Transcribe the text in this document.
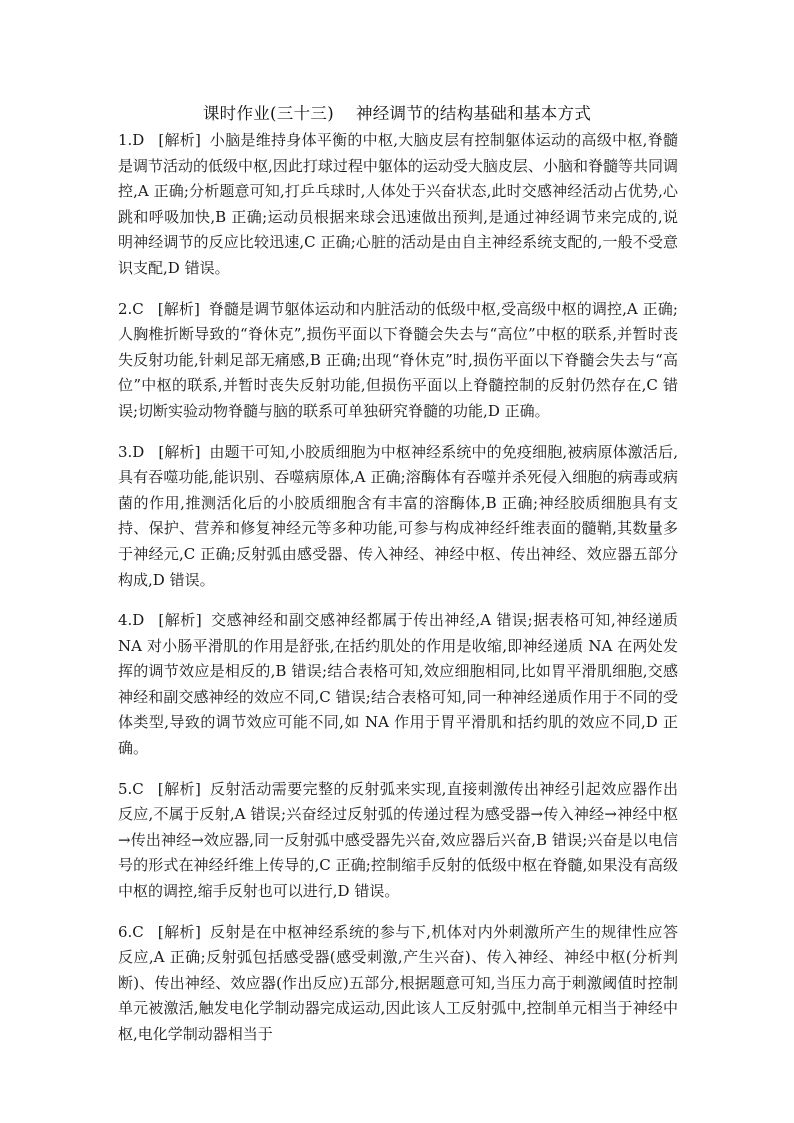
课时作业(三十三) 神经调节的结构基础和基本方式

1.D [解析] 小脑是维持身体平衡的中枢,大脑皮层有控制躯体运动的高级中枢,脊髓是调节活动的低级中枢,因此打球过程中躯体的运动受大脑皮层、小脑和脊髓等共同调控,A 正确;分析题意可知,打乒乓球时,人体处于兴奋状态,此时交感神经活动占优势,心跳和呼吸加快,B 正确;运动员根据来球会迅速做出预判,是通过神经调节来完成的,说明神经调节的反应比较迅速,C 正确;心脏的活动是由自主神经系统支配的,一般不受意识支配,D 错误。

2.C [解析] 脊髓是调节躯体运动和内脏活动的低级中枢,受高级中枢的调控,A 正确;人胸椎折断导致的“脊休克”,损伤平面以下脊髓会失去与“高位”中枢的联系,并暂时丧失反射功能,针刺足部无痛感,B 正确;出现“脊休克”时,损伤平面以下脊髓会失去与“高位”中枢的联系,并暂时丧失反射功能,但损伤平面以上脊髓控制的反射仍然存在,C 错误;切断实验动物脊髓与脑的联系可单独研究脊髓的功能,D 正确。

3.D [解析] 由题干可知,小胶质细胞为中枢神经系统中的免疫细胞,被病原体激活后,具有吞噬功能,能识别、吞噬病原体,A 正确;溶酶体有吞噬并杀死侵入细胞的病毒或病菌的作用,推测活化后的小胶质细胞含有丰富的溶酶体,B 正确;神经胶质细胞具有支持、保护、营养和修复神经元等多种功能,可参与构成神经纤维表面的髓鞘,其数量多于神经元,C 正确;反射弧由感受器、传入神经、神经中枢、传出神经、效应器五部分构成,D 错误。

4.D [解析] 交感神经和副交感神经都属于传出神经,A 错误;据表格可知,神经递质 NA 对小肠平滑肌的作用是舒张,在括约肌处的作用是收缩,即神经递质 NA 在两处发挥的调节效应是相反的,B 错误;结合表格可知,效应细胞相同,比如胃平滑肌细胞,交感神经和副交感神经的效应不同,C 错误;结合表格可知,同一种神经递质作用于不同的受体类型,导致的调节效应可能不同,如 NA 作用于胃平滑肌和括约肌的效应不同,D 正确。

5.C [解析] 反射活动需要完整的反射弧来实现,直接刺激传出神经引起效应器作出反应,不属于反射,A 错误;兴奋经过反射弧的传递过程为感受器→传入神经→神经中枢→传出神经→效应器,同一反射弧中感受器先兴奋,效应器后兴奋,B 错误;兴奋是以电信号的形式在神经纤维上传导的,C 正确;控制缩手反射的低级中枢在脊髓,如果没有高级中枢的调控,缩手反射也可以进行,D 错误。

6.C [解析] 反射是在中枢神经系统的参与下,机体对内外刺激所产生的规律性应答反应,A 正确;反射弧包括感受器(感受刺激,产生兴奋)、传入神经、神经中枢(分析判断)、传出神经、效应器(作出反应)五部分,根据题意可知,当压力高于刺激阈值时控制单元被激活,触发电化学制动器完成运动,因此该人工反射弧中,控制单元相当于神经中枢,电化学制动器相当于
